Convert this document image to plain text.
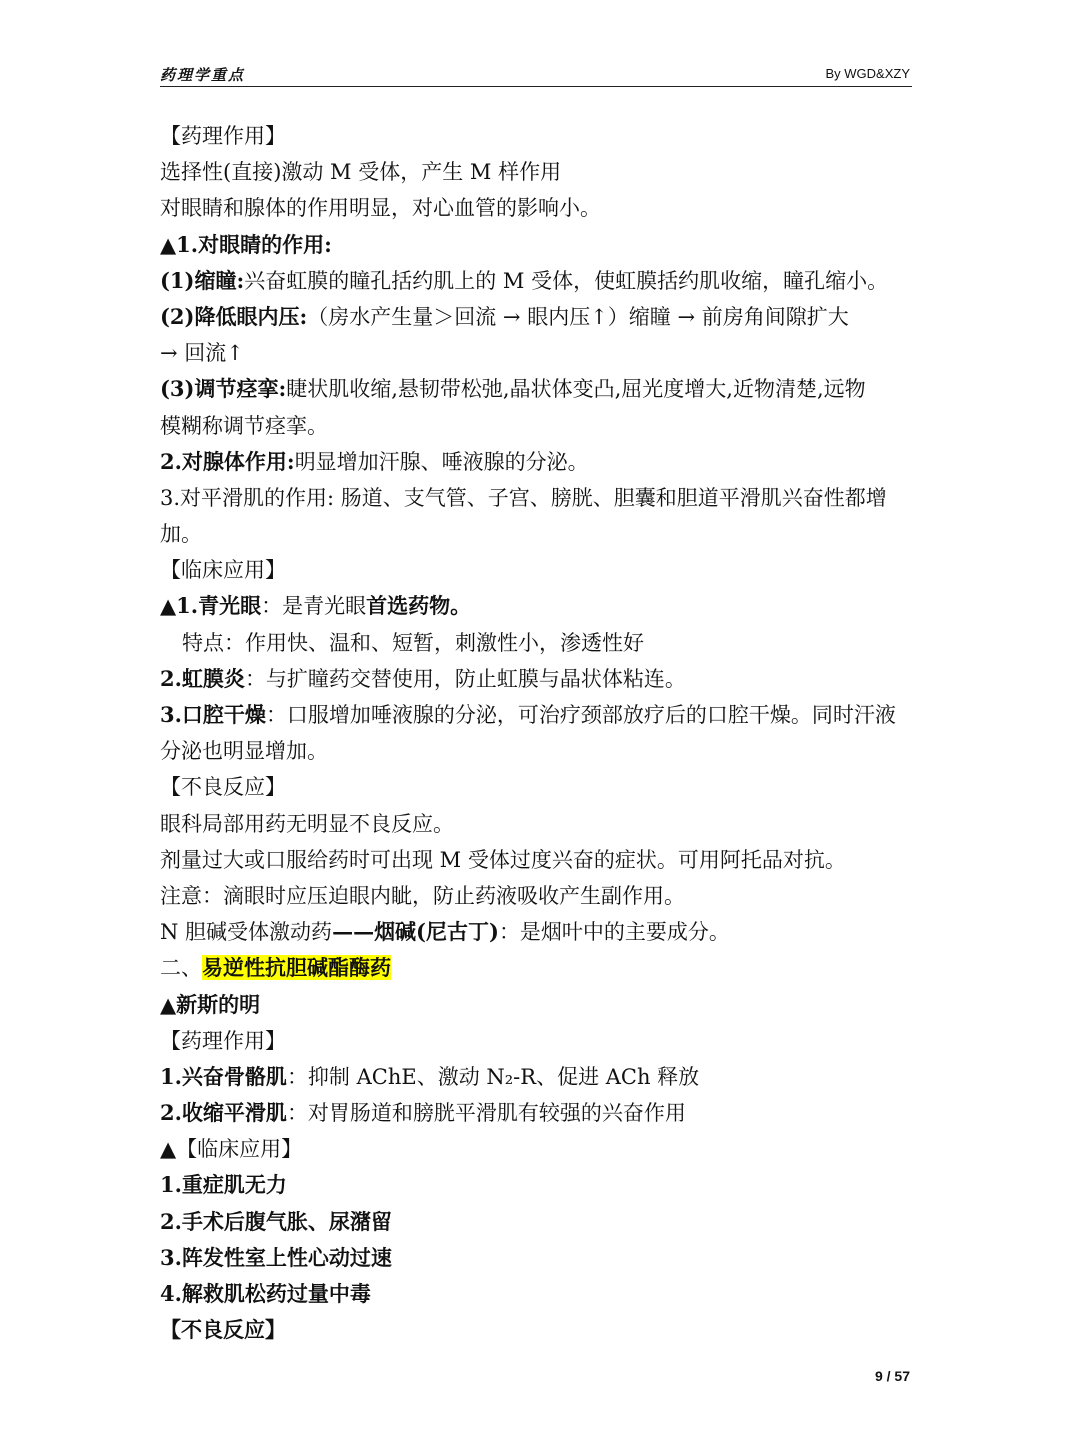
药理学重点	By WGD&XZY
【药理作用】
选择性(直接)激动 M 受体，产生 M 样作用
对眼睛和腺体的作用明显，对心血管的影响小。
▲1.对眼睛的作用:
(1)缩瞳:兴奋虹膜的瞳孔括约肌上的 M 受体，使虹膜括约肌收缩，瞳孔缩小。
(2)降低眼内压:（房水产生量＞回流 → 眼内压↑）缩瞳 → 前房角间隙扩大
→ 回流↑
(3)调节痉挛:睫状肌收缩,悬韧带松弛,晶状体变凸,屈光度增大,近物清楚,远物
模糊称调节痉挛。
2.对腺体作用:明显增加汗腺、唾液腺的分泌。
3.对平滑肌的作用: 肠道、支气管、子宫、膀胱、胆囊和胆道平滑肌兴奋性都增
加。
【临床应用】
▲1.青光眼：是青光眼首选药物。
特点：作用快、温和、短暂，刺激性小，渗透性好
2.虹膜炎：与扩瞳药交替使用，防止虹膜与晶状体粘连。
3.口腔干燥：口服增加唾液腺的分泌，可治疗颈部放疗后的口腔干燥。同时汗液
分泌也明显增加。
【不良反应】
眼科局部用药无明显不良反应。
剂量过大或口服给药时可出现 M 受体过度兴奋的症状。可用阿托品对抗。
注意：滴眼时应压迫眼内眦，防止药液吸收产生副作用。
N 胆碱受体激动药——烟碱(尼古丁)：是烟叶中的主要成分。
二、易逆性抗胆碱酯酶药
▲新斯的明
【药理作用】
1.兴奋骨骼肌：抑制 AChE、激动 N₂-R、促进 ACh 释放
2.收缩平滑肌：对胃肠道和膀胱平滑肌有较强的兴奋作用
▲【临床应用】
1.重症肌无力
2.手术后腹气胀、尿潴留
3.阵发性室上性心动过速
4.解救肌松药过量中毒
【不良反应】
9 / 57
